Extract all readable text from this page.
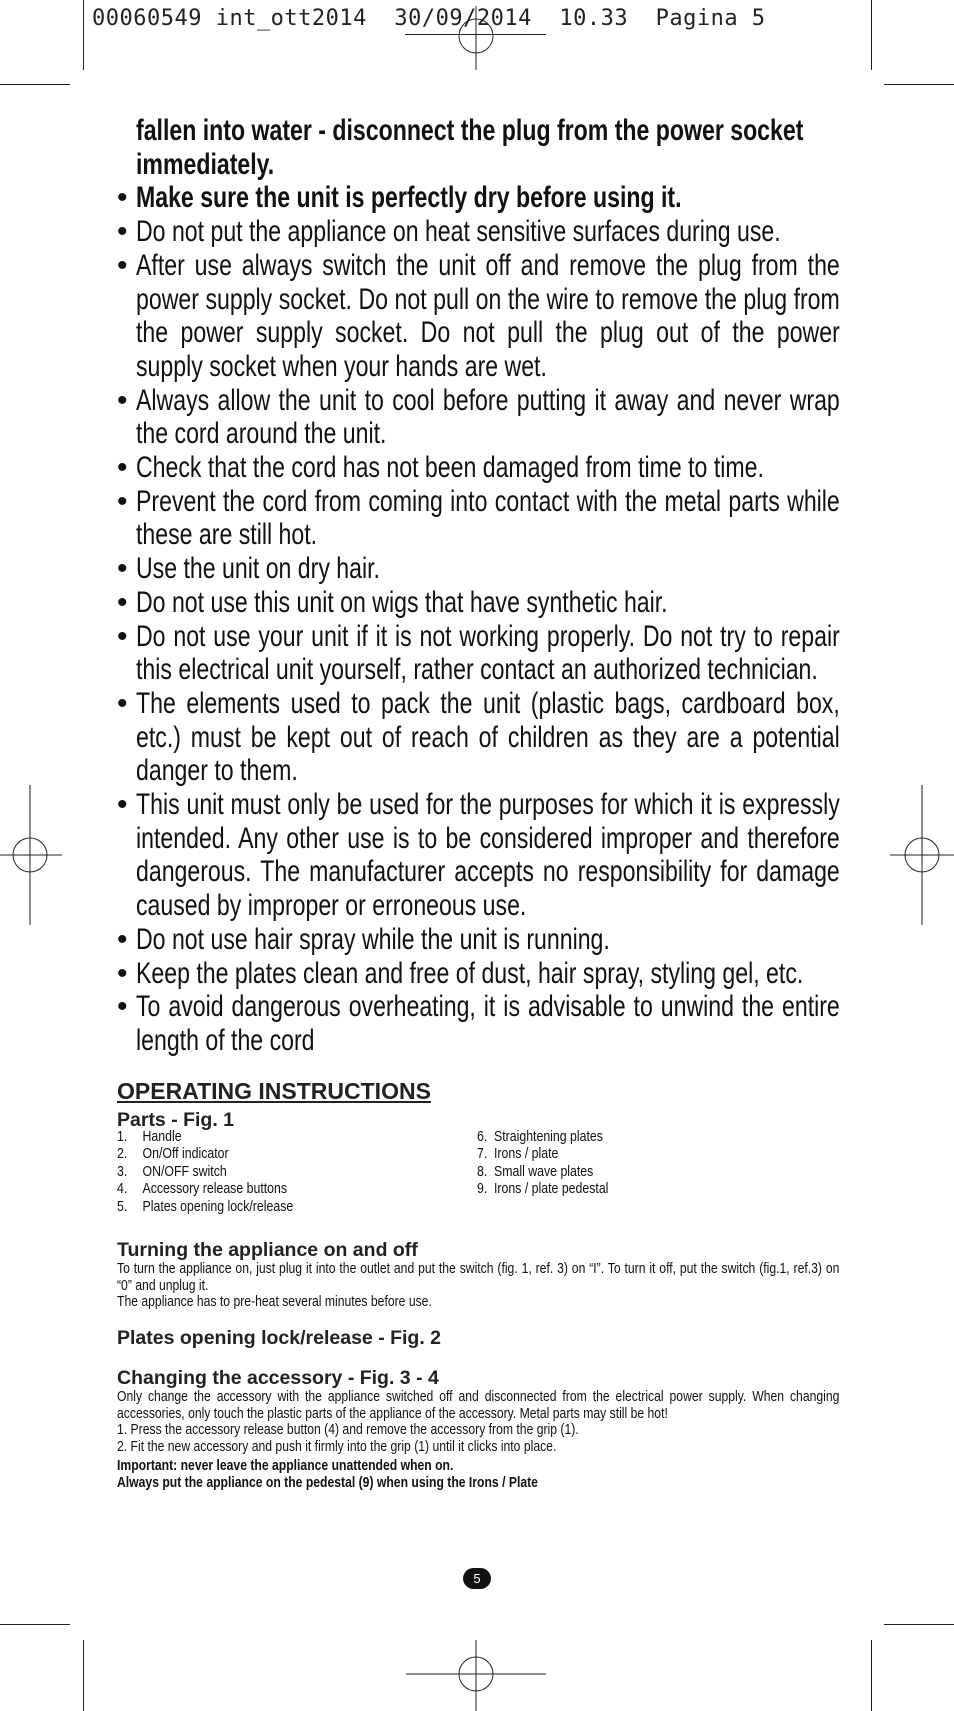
00060549 int_ott2014 30/09/2014 10.33 Pagina 5

fallen into water - disconnect the plug from the power socket immediately.

• Make sure the unit is perfectly dry before using it.
• Do not put the appliance on heat sensitive surfaces during use.
• After use always switch the unit off and remove the plug from the power supply socket. Do not pull on the wire to remove the plug from the power supply socket. Do not pull the plug out of the power supply socket when your hands are wet.
• Always allow the unit to cool before putting it away and never wrap the cord around the unit.
• Check that the cord has not been damaged from time to time.
• Prevent the cord from coming into contact with the metal parts while these are still hot.
• Use the unit on dry hair.
• Do not use this unit on wigs that have synthetic hair.
• Do not use your unit if it is not working properly. Do not try to repair this electrical unit yourself, rather contact an authorized technician.
• The elements used to pack the unit (plastic bags, cardboard box, etc.) must be kept out of reach of children as they are a potential danger to them.
• This unit must only be used for the purposes for which it is expressly intended. Any other use is to be considered improper and therefore dangerous. The manufacturer accepts no responsibility for damage caused by improper or erroneous use.
• Do not use hair spray while the unit is running.
• Keep the plates clean and free of dust, hair spray, styling gel, etc.
• To avoid dangerous overheating, it is advisable to unwind the entire length of the cord
OPERATING INSTRUCTIONS
Parts - Fig. 1
1.	Handle
2.	On/Off indicator
3.	ON/OFF switch
4.	Accessory release buttons
5.	Plates opening lock/release
6. Straightening plates
7. Irons / plate
8. Small wave plates
9. Irons / plate pedestal
Turning the appliance on and off

To turn the appliance on, just plug it into the outlet and put the switch (fig. 1, ref. 3) on “I”. To turn it off, put the switch (fig.1, ref.3) on “0” and unplug it.

The appliance has to pre-heat several minutes before use.

Plates opening lock/release - Fig. 2
Changing the accessory - Fig. 3 - 4

Only change the accessory with the appliance switched off and disconnected from the electrical power supply. When changing accessories, only touch the plastic parts of the appliance of the accessory. Metal parts may still be hot!

1. Press the accessory release button (4) and remove the accessory from the grip (1).

2. Fit the new accessory and push it firmly into the grip (1) until it clicks into place.

Important: never leave the appliance unattended when on.

Always put the appliance on the pedestal (9) when using the Irons / Plate

5
